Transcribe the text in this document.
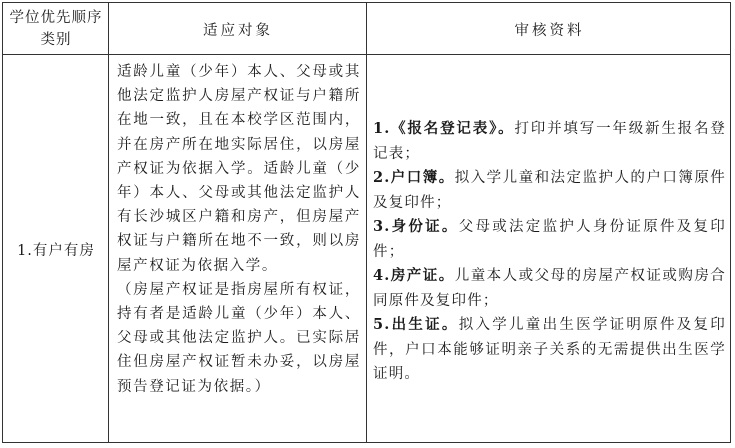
学位优先顺序类别
适应对象	审核资料
1.有户有房

适龄儿童（少年）本人、父母或其他法定监护人房屋产权证与户籍所在地一致，且在本校学区范围内，并在房产所在地实际居住，以房屋产权证为依据入学。适龄儿童（少年）本人、父母或其他法定监护人有长沙城区户籍和房产，但房屋产权证与户籍所在地不一致，则以房屋产权证为依据入学。

（房屋产权证是指房屋所有权证，持有者是适龄儿童（少年）本人、父母或其他法定监护人。已实际居住但房屋产权证暂未办妥，以房屋预告登记证为依据。）

1.《报名登记表》。打印并填写一年级新生报名登记表；

2.户口簿。拟入学儿童和法定监护人的户口簿原件及复印件；

3.身份证。父母或法定监护人身份证原件及复印件；

4.房产证。儿童本人或父母的房屋产权证或购房合同原件及复印件；

5.出生证。拟入学儿童出生医学证明原件及复印件，户口本能够证明亲子关系的无需提供出生医学证明。
